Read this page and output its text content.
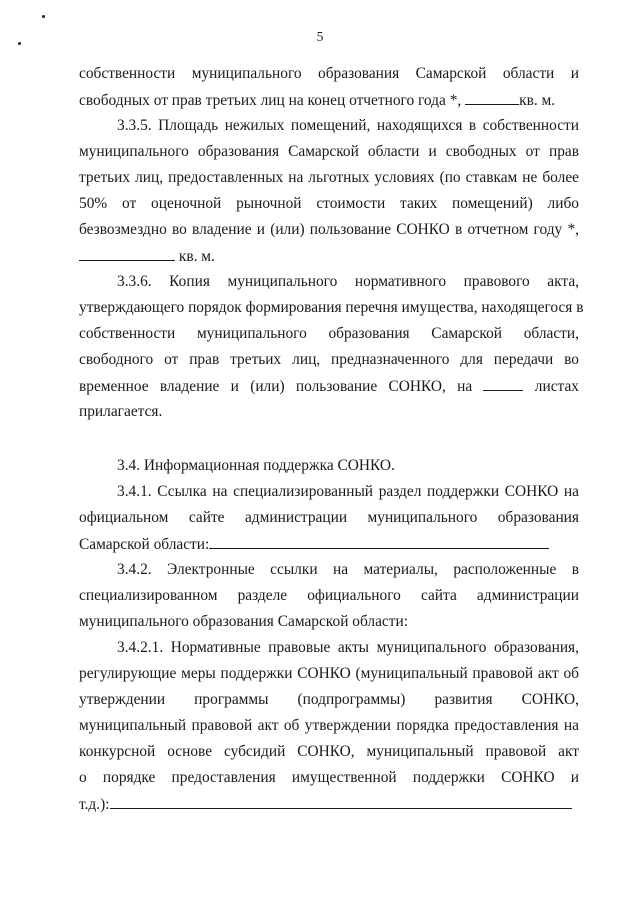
5
собственности муниципального образования Самарской области и
свободных от прав третьих лиц на конец отчетного года *,	кв. м.
3.3.5. Площадь нежилых помещений, находящихся в собственности
муниципального образования Самарской области и свободных от прав
третьих лиц, предоставленных на льготных условиях (по ставкам не более
50% от оценочной рыночной стоимости таких помещений) либо
безвозмездно во владение и (или) пользование СОНКО в отчетном году *,
кв. м.
3.3.6. Копия муниципального нормативного правового акта,
утверждающего порядок формирования перечня имущества, находящегося в
собственности муниципального образования Самарской области,
свободного от прав третьих лиц, предназначенного для передачи во
временное владение и (или) пользование СОНКО, на	листах
прилагается.
3.4. Информационная поддержка СОНКО.
3.4.1. Ссылка на специализированный раздел поддержки СОНКО на
официальном сайте администрации муниципального образования
Самарской области:
3.4.2. Электронные ссылки на материалы, расположенные в
специализированном разделе официального сайта администрации
муниципального образования Самарской области:
3.4.2.1. Нормативные правовые акты муниципального образования,
регулирующие меры поддержки СОНКО (муниципальный правовой акт об
утверждении программы (подпрограммы) развития СОНКО,
муниципальный правовой акт об утверждении порядка предоставления на
конкурсной основе субсидий СОНКО, муниципальный правовой акт
о порядке предоставления имущественной поддержки СОНКО и
т.д.):
